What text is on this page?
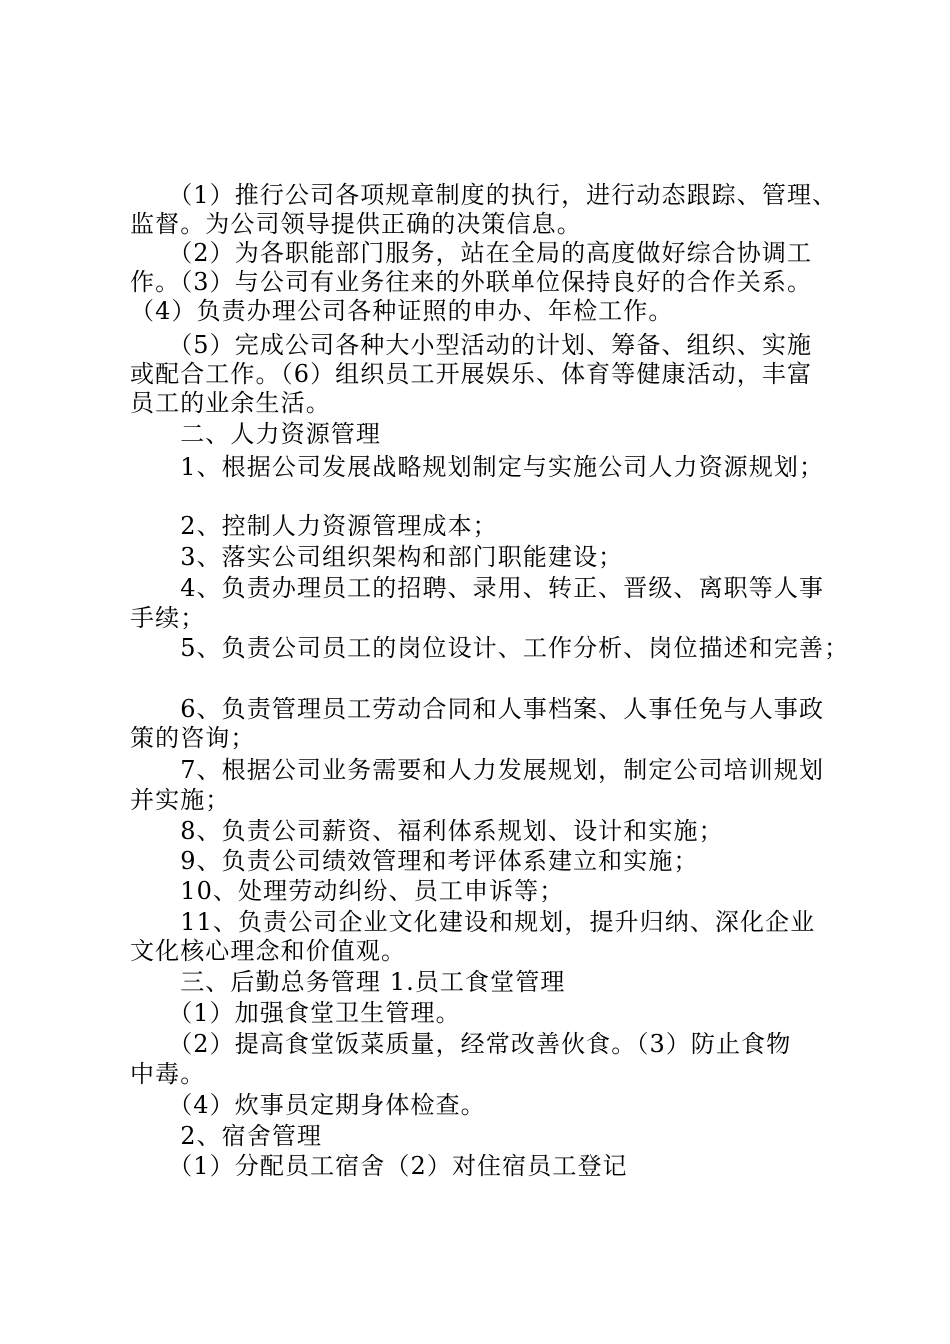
　　（1）推行公司各项规章制度的执行，进行动态跟踪、管理、
监督。为公司领导提供正确的决策信息。
　　（2）为各职能部门服务，站在全局的高度做好综合协调工
作。（3）与公司有业务往来的外联单位保持良好的合作关系。
（4）负责办理公司各种证照的申办、年检工作。
　　（5）完成公司各种大小型活动的计划、筹备、组织、实施
或配合工作。（6）组织员工开展娱乐、体育等健康活动，丰富
员工的业余生活。
　　二、人力资源管理
　　1、根据公司发展战略规划制定与实施公司人力资源规划；
　　2、控制人力资源管理成本；
　　3、落实公司组织架构和部门职能建设；
　　4、负责办理员工的招聘、录用、转正、晋级、离职等人事
手续；
　　5、负责公司员工的岗位设计、工作分析、岗位描述和完善；
　　6、负责管理员工劳动合同和人事档案、人事任免与人事政
策的咨询；
　　7、根据公司业务需要和人力发展规划，制定公司培训规划
并实施；
　　8、负责公司薪资、福利体系规划、设计和实施；
　　9、负责公司绩效管理和考评体系建立和实施；
　　10、处理劳动纠纷、员工申诉等；
　　11、负责公司企业文化建设和规划，提升归纳、深化企业
文化核心理念和价值观。
　　三、后勤总务管理 1.员工食堂管理
　　（1）加强食堂卫生管理。
　　（2）提高食堂饭菜质量，经常改善伙食。（3）防止食物
中毒。
　　（4）炊事员定期身体检查。
　　2、宿舍管理
　　（1）分配员工宿舍（2）对住宿员工登记
